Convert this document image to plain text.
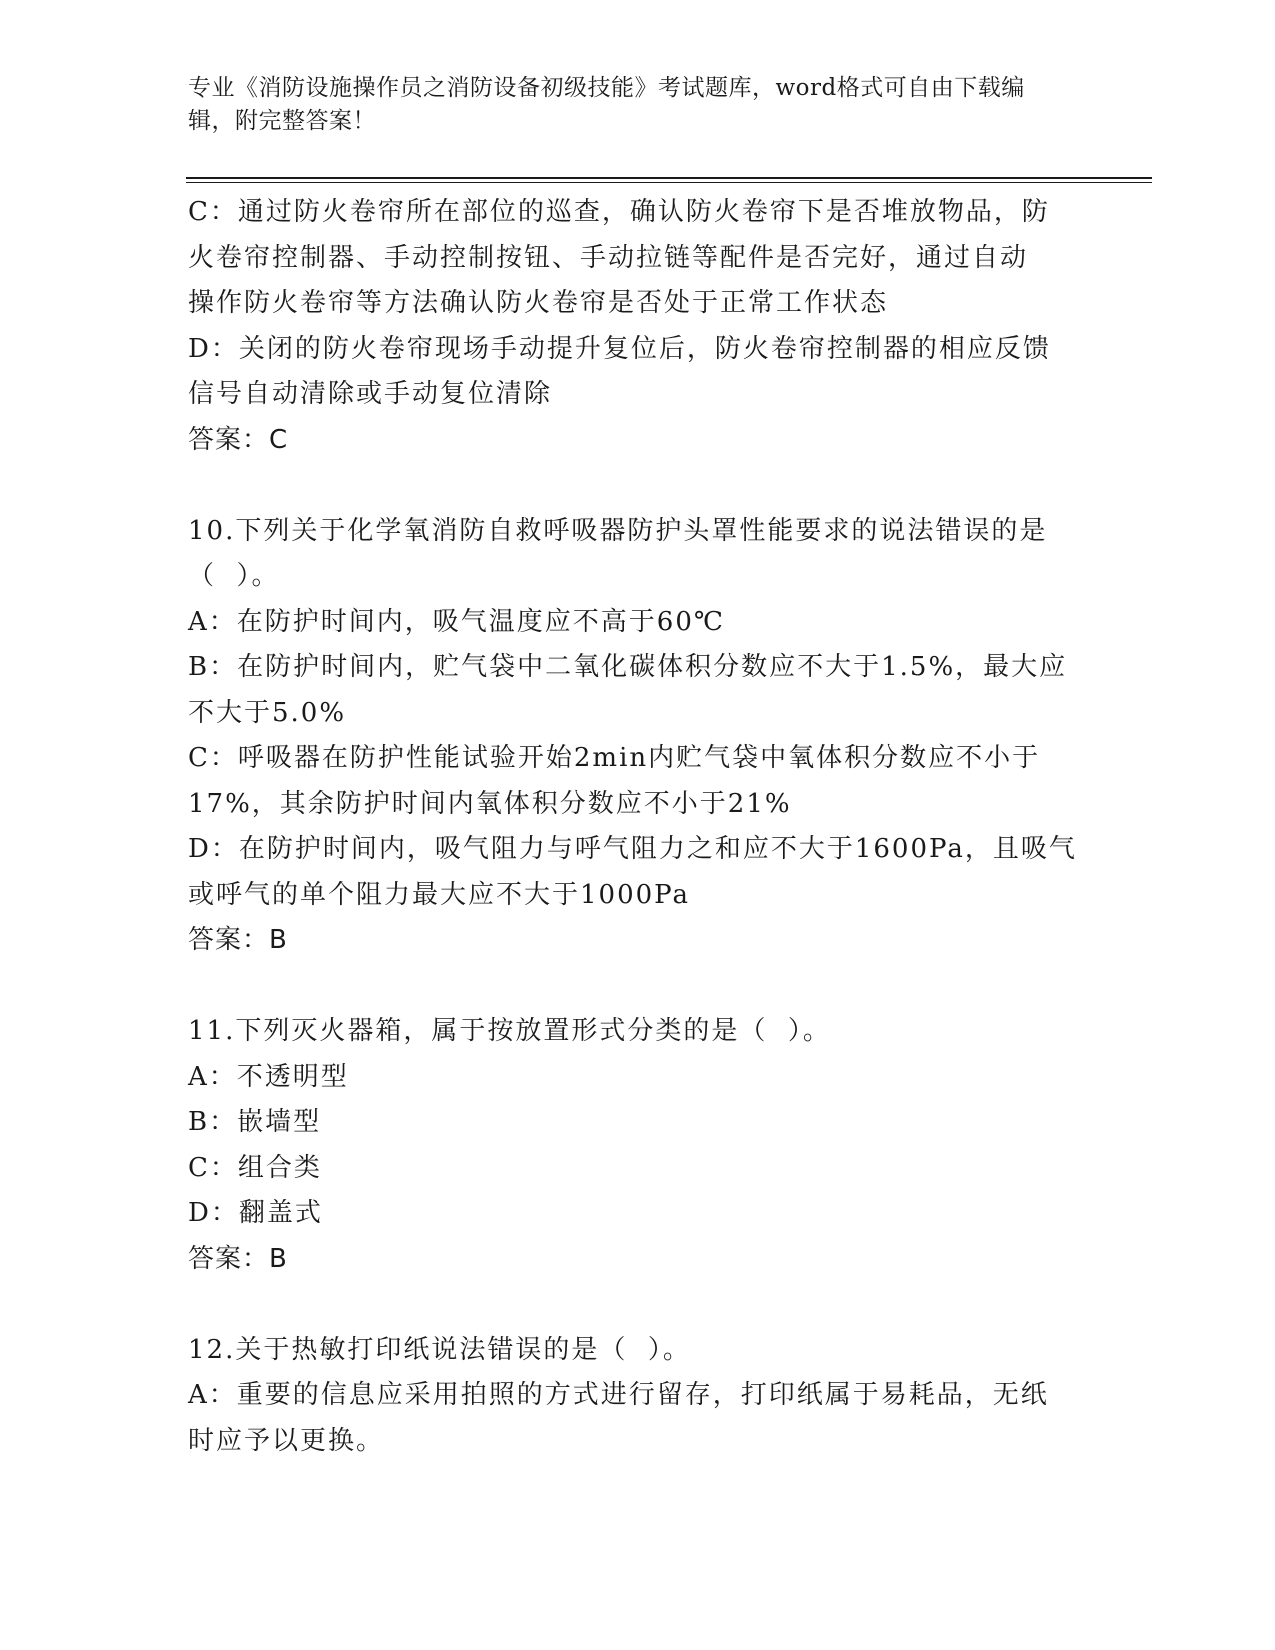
专业《消防设施操作员之消防设备初级技能》考试题库，word格式可自由下载编
辑，附完整答案！
C：通过防火卷帘所在部位的巡查，确认防火卷帘下是否堆放物品，防
火卷帘控制器、手动控制按钮、手动拉链等配件是否完好，通过自动
操作防火卷帘等方法确认防火卷帘是否处于正常工作状态
D：关闭的防火卷帘现场手动提升复位后，防火卷帘控制器的相应反馈
信号自动清除或手动复位清除
答案：C
10.下列关于化学氧消防自救呼吸器防护头罩性能要求的说法错误的是
（  ）。
A：在防护时间内，吸气温度应不高于60℃
B：在防护时间内，贮气袋中二氧化碳体积分数应不大于1.5%，最大应
不大于5.0%
C：呼吸器在防护性能试验开始2min内贮气袋中氧体积分数应不小于
17%，其余防护时间内氧体积分数应不小于21%
D：在防护时间内，吸气阻力与呼气阻力之和应不大于1600Pa，且吸气
或呼气的单个阻力最大应不大于1000Pa
答案：B
11.下列灭火器箱，属于按放置形式分类的是（  ）。
A：不透明型
B：嵌墙型
C：组合类
D：翻盖式
答案：B
12.关于热敏打印纸说法错误的是（  ）。
A：重要的信息应采用拍照的方式进行留存，打印纸属于易耗品，无纸
时应予以更换。
